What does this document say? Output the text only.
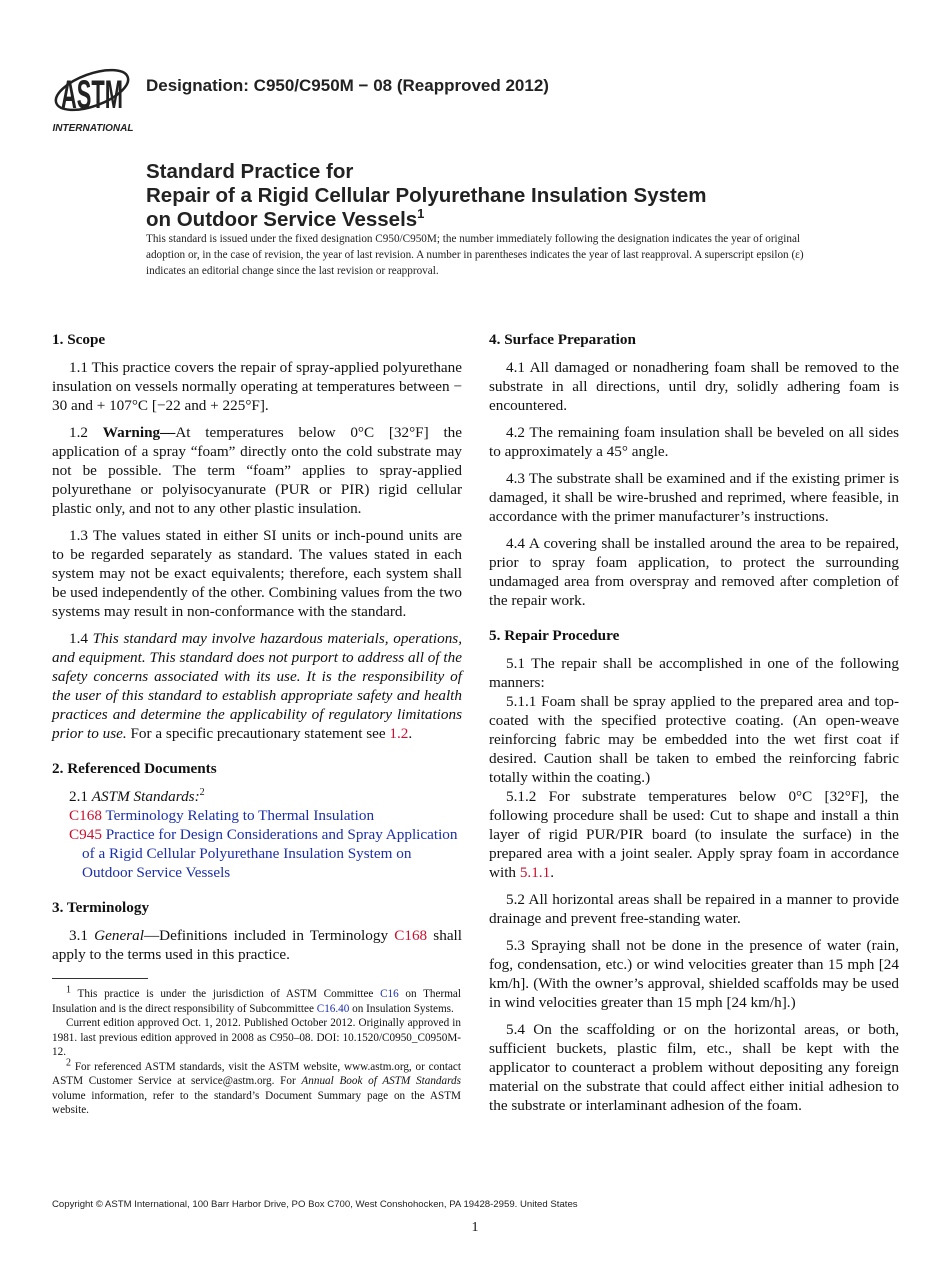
ASTM
INTERNATIONAL
Designation: C950/C950M − 08 (Reapproved 2012)
Standard Practice for
Repair of a Rigid Cellular Polyurethane Insulation System
on Outdoor Service Vessels$^1$
This standard is issued under the fixed designation C950/C950M; the number immediately following the designation indicates the year of original adoption or, in the case of revision, the year of last revision. A number in parentheses indicates the year of last reapproval. A superscript epsilon (ε) indicates an editorial change since the last revision or reapproval.
1. Scope

1.1 This practice covers the repair of spray-applied polyurethane insulation on vessels normally operating at temperatures between − 30 and + 107°C [−22 and + 225°F].

1.2 Warning—At temperatures below 0°C [32°F] the application of a spray “foam” directly onto the cold substrate may not be possible. The term “foam” applies to spray-applied polyurethane or polyisocyanurate (PUR or PIR) rigid cellular plastic only, and not to any other plastic insulation.

1.3 The values stated in either SI units or inch-pound units are to be regarded separately as standard. The values stated in each system may not be exact equivalents; therefore, each system shall be used independently of the other. Combining values from the two systems may result in non-conformance with the standard.

1.4 This standard may involve hazardous materials, operations, and equipment. This standard does not purport to address all of the safety concerns associated with its use. It is the responsibility of the user of this standard to establish appropriate safety and health practices and determine the applicability of regulatory limitations prior to use. For a specific precautionary statement see 1.2.

2. Referenced Documents

2.1 ASTM Standards:$^2$

C168 Terminology Relating to Thermal Insulation
C945 Practice for Design Considerations and Spray Application of a Rigid Cellular Polyurethane Insulation System on Outdoor Service Vessels
3. Terminology

3.1 General—Definitions included in Terminology C168 shall apply to the terms used in this practice.

$^1$ This practice is under the jurisdiction of ASTM Committee C16 on Thermal Insulation and is the direct responsibility of Subcommittee C16.40 on Insulation Systems.

Current edition approved Oct. 1, 2012. Published October 2012. Originally approved in 1981. last previous edition approved in 2008 as C950–08. DOI: 10.1520/C0950_C0950M-12.

$^2$ For referenced ASTM standards, visit the ASTM website, www.astm.org, or contact ASTM Customer Service at service@astm.org. For Annual Book of ASTM Standards volume information, refer to the standard’s Document Summary page on the ASTM website.

4. Surface Preparation

4.1 All damaged or nonadhering foam shall be removed to the substrate in all directions, until dry, solidly adhering foam is encountered.

4.2 The remaining foam insulation shall be beveled on all sides to approximately a 45° angle.

4.3 The substrate shall be examined and if the existing primer is damaged, it shall be wire-brushed and reprimed, where feasible, in accordance with the primer manufacturer’s instructions.

4.4 A covering shall be installed around the area to be repaired, prior to spray foam application, to protect the surrounding undamaged area from overspray and removed after completion of the repair work.

5. Repair Procedure

5.1 The repair shall be accomplished in one of the following manners:

5.1.1 Foam shall be spray applied to the prepared area and top-coated with the specified protective coating. (An open-weave reinforcing fabric may be embedded into the wet first coat if desired. Caution shall be taken to embed the reinforcing fabric totally within the coating.)

5.1.2 For substrate temperatures below 0°C [32°F], the following procedure shall be used: Cut to shape and install a thin layer of rigid PUR/PIR board (to insulate the surface) in the prepared area with a joint sealer. Apply spray foam in accordance with 5.1.1.

5.2 All horizontal areas shall be repaired in a manner to provide drainage and prevent free-standing water.

5.3 Spraying shall not be done in the presence of water (rain, fog, condensation, etc.) or wind velocities greater than 15 mph [24 km/h]. (With the owner’s approval, shielded scaffolds may be used in wind velocities greater than 15 mph [24 km/h].)

5.4 On the scaffolding or on the horizontal areas, or both, sufficient buckets, plastic film, etc., shall be kept with the applicator to counteract a problem without depositing any foreign material on the substrate that could affect either initial adhesion to the substrate or interlaminant adhesion of the foam.

Copyright © ASTM International, 100 Barr Harbor Drive, PO Box C700, West Conshohocken, PA 19428-2959. United States
1
